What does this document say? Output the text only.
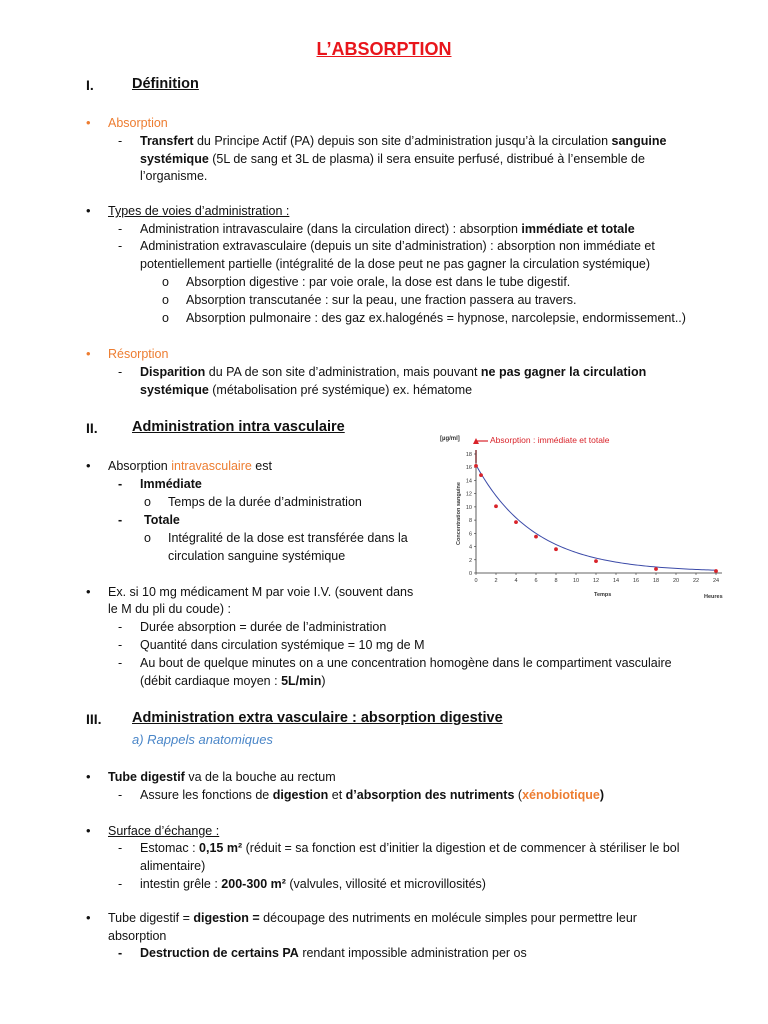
L’ABSORPTION
I.	Définition
• Absorption
- Transfert du Principe Actif (PA) depuis son site d’administration jusqu’à la circulation sanguine
systémique (5L de sang et 3L de plasma) il sera ensuite perfusé, distribué à l’ensemble de
l’organisme.
• Types de voies d’administration :
- Administration intravasculaire (dans la circulation direct) : absorption immédiate et totale
- Administration extravasculaire (depuis un site d’administration) : absorption non immédiate et
potentiellement partielle (intégralité de la dose peut ne pas gagner la circulation systémique)
o Absorption digestive : par voie orale, la dose est dans le tube digestif.
o Absorption transcutanée : sur la peau, une fraction passera au travers.
o Absorption pulmonaire : des gaz ex.halogénés = hypnose, narcolepsie, endormissement..)
• Résorption
- Disparition du PA de son site d’administration, mais pouvant ne pas gagner la circulation
systémique (métabolisation pré systémique) ex. hématome
II. Administration intra vasculaire
• Absorption intravasculaire est
- Immédiate
o Temps de la durée d’administration
- Totale
o Intégralité de la dose est transférée dans la
circulation sanguine systémique
• Ex. si 10 mg médicament M par voie I.V. (souvent dans
le M du pli du coude) :
- Durée absorption = durée de l’administration
- Quantité dans circulation systémique = 10 mg de M
- Au bout de quelque minutes on a une concentration homogène dans le compartiment vasculaire
(débit cardiaque moyen : 5L/min)
[µg/ml]
Concentration sanguine
Absorption : immédiate et totale
0
2
4
6
8
10
12
14
16
18
0	2	4	6	8	10	12	14	16	18	20	22	24
Temps	Heures
III. Administration extra vasculaire : absorption digestive
a) Rappels anatomiques
• Tube digestif va de la bouche au rectum
- Assure les fonctions de digestion et d’absorption des nutriments (xénobiotique)
• Surface d’échange :
- Estomac : 0,15 m² (réduit = sa fonction est d’initier la digestion et de commencer à stériliser le bol
alimentaire)
- intestin grêle : 200-300 m² (valvules, villosité et microvillosités)
• Tube digestif = digestion = découpage des nutriments en molécule simples pour permettre leur
absorption
- Destruction de certains PA rendant impossible administration per os
